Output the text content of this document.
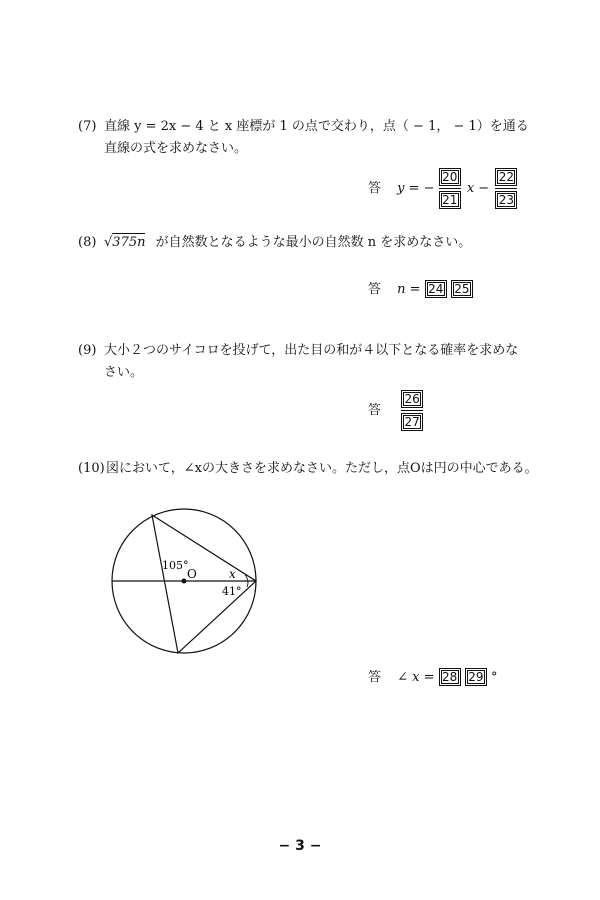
(7) 直線 y = 2x − 4 と x 座標が 1 の点で交わり，点（ − 1， − 1）を通る
直線の式を求めなさい。
答 y = − $\frac{20}{21}$ $x - \frac{22}{23}$
(8) √375n が自然数となるような最小の自然数 n を求めなさい。
答 n = 24 25
(9) 大小２つのサイコロを投げて，出た目の和が４以下となる確率を求めな
さい。
答 $\frac{26}{27}$
(10)図において，∠xの大きさを求めなさい。ただし，点Oは円の中心である。
105°
O	x
41°
答 ∠ x = 28 29 °
− 3 −
